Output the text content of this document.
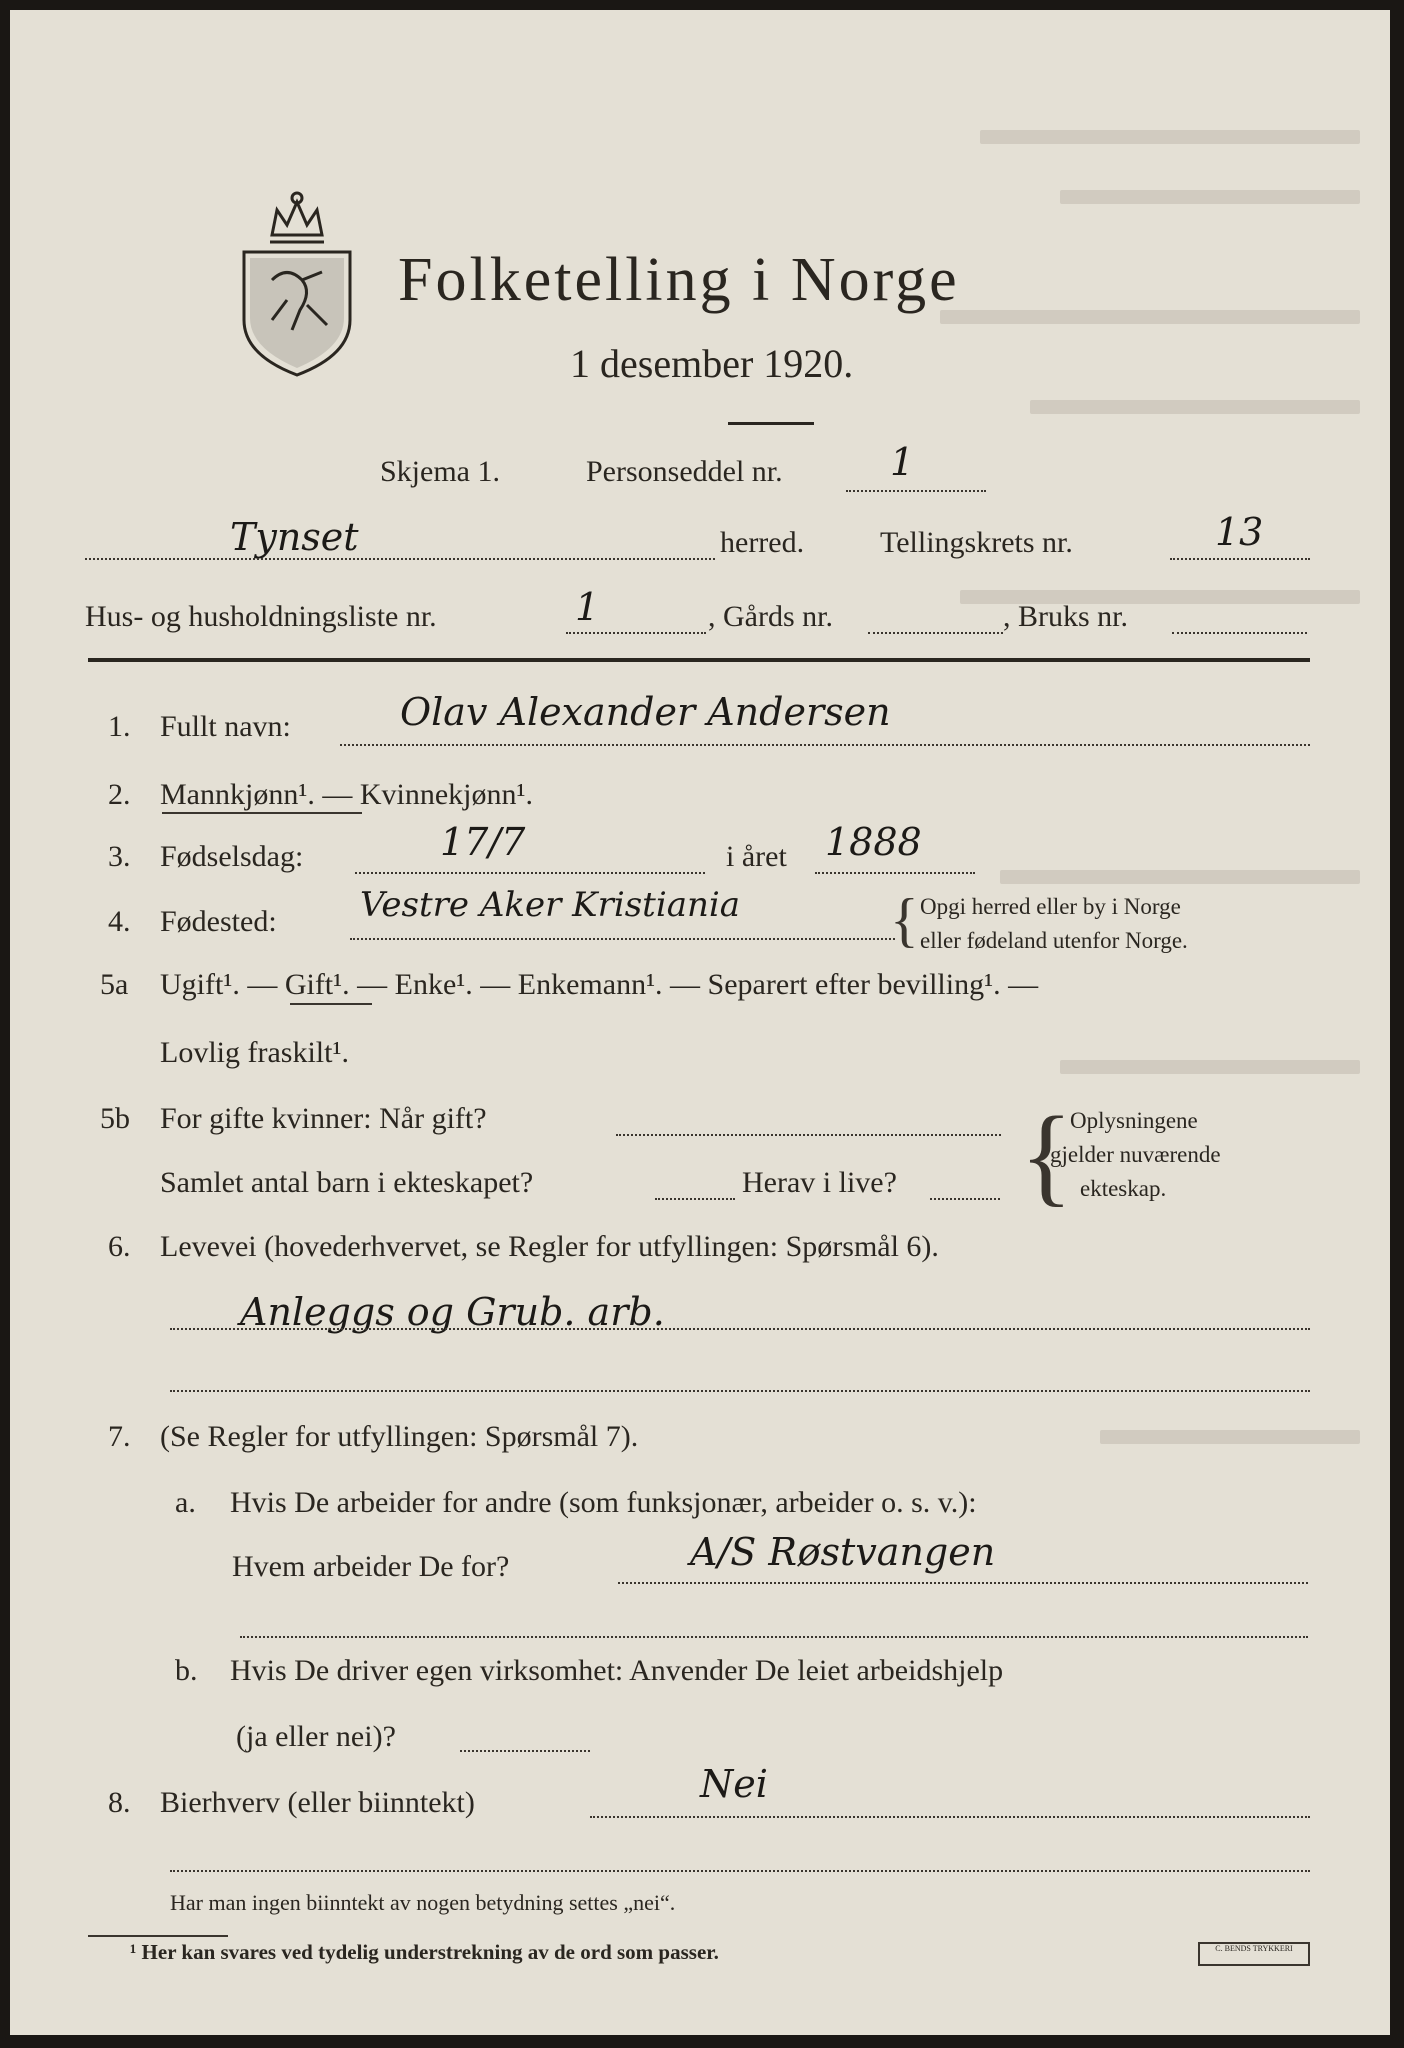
Folketelling i Norge
1 desember 1920.
Skjema 1.	Personseddel nr.	1
Tynset	herred.	Tellingskrets nr.	13
Hus- og husholdningsliste nr.	1	, Gårds nr.	, Bruks nr.
1. Fullt navn:	Olav Alexander Andersen
2. Mannkjønn¹. — Kvinnekjønn¹.
3. Fødselsdag:	17/7	i året 1888
4. Fødested: Vestre Aker Kristiania { Opgi herred eller by i Norge
eller fødeland utenfor Norge.
5a Ugift¹. — Gift¹. — Enke¹. — Enkemann¹. — Separert efter bevilling¹. —
Lovlig fraskilt¹.
5b For gifte kvinner: Når gift?
Samlet antal barn i ekteskapet?	Herav i live? {
Oplysningene
gjelder nuværende
ekteskap.
6. Levevei (hovederhvervet, se Regler for utfyllingen: Spørsmål 6).
Anleggs og Grub. arb.
7. (Se Regler for utfyllingen: Spørsmål 7).
a. Hvis De arbeider for andre (som funksjonær, arbeider o. s. v.):
Hvem arbeider De for?	A/S Røstvangen
b. Hvis De driver egen virksomhet: Anvender De leiet arbeidshjelp
(ja eller nei)?
8. Bierhverv (eller biinntekt)	Nei
Har man ingen biinntekt av nogen betydning settes „nei“.
¹ Her kan svares ved tydelig understrekning av de ord som passer.	C. BENDS TRYKKERI
